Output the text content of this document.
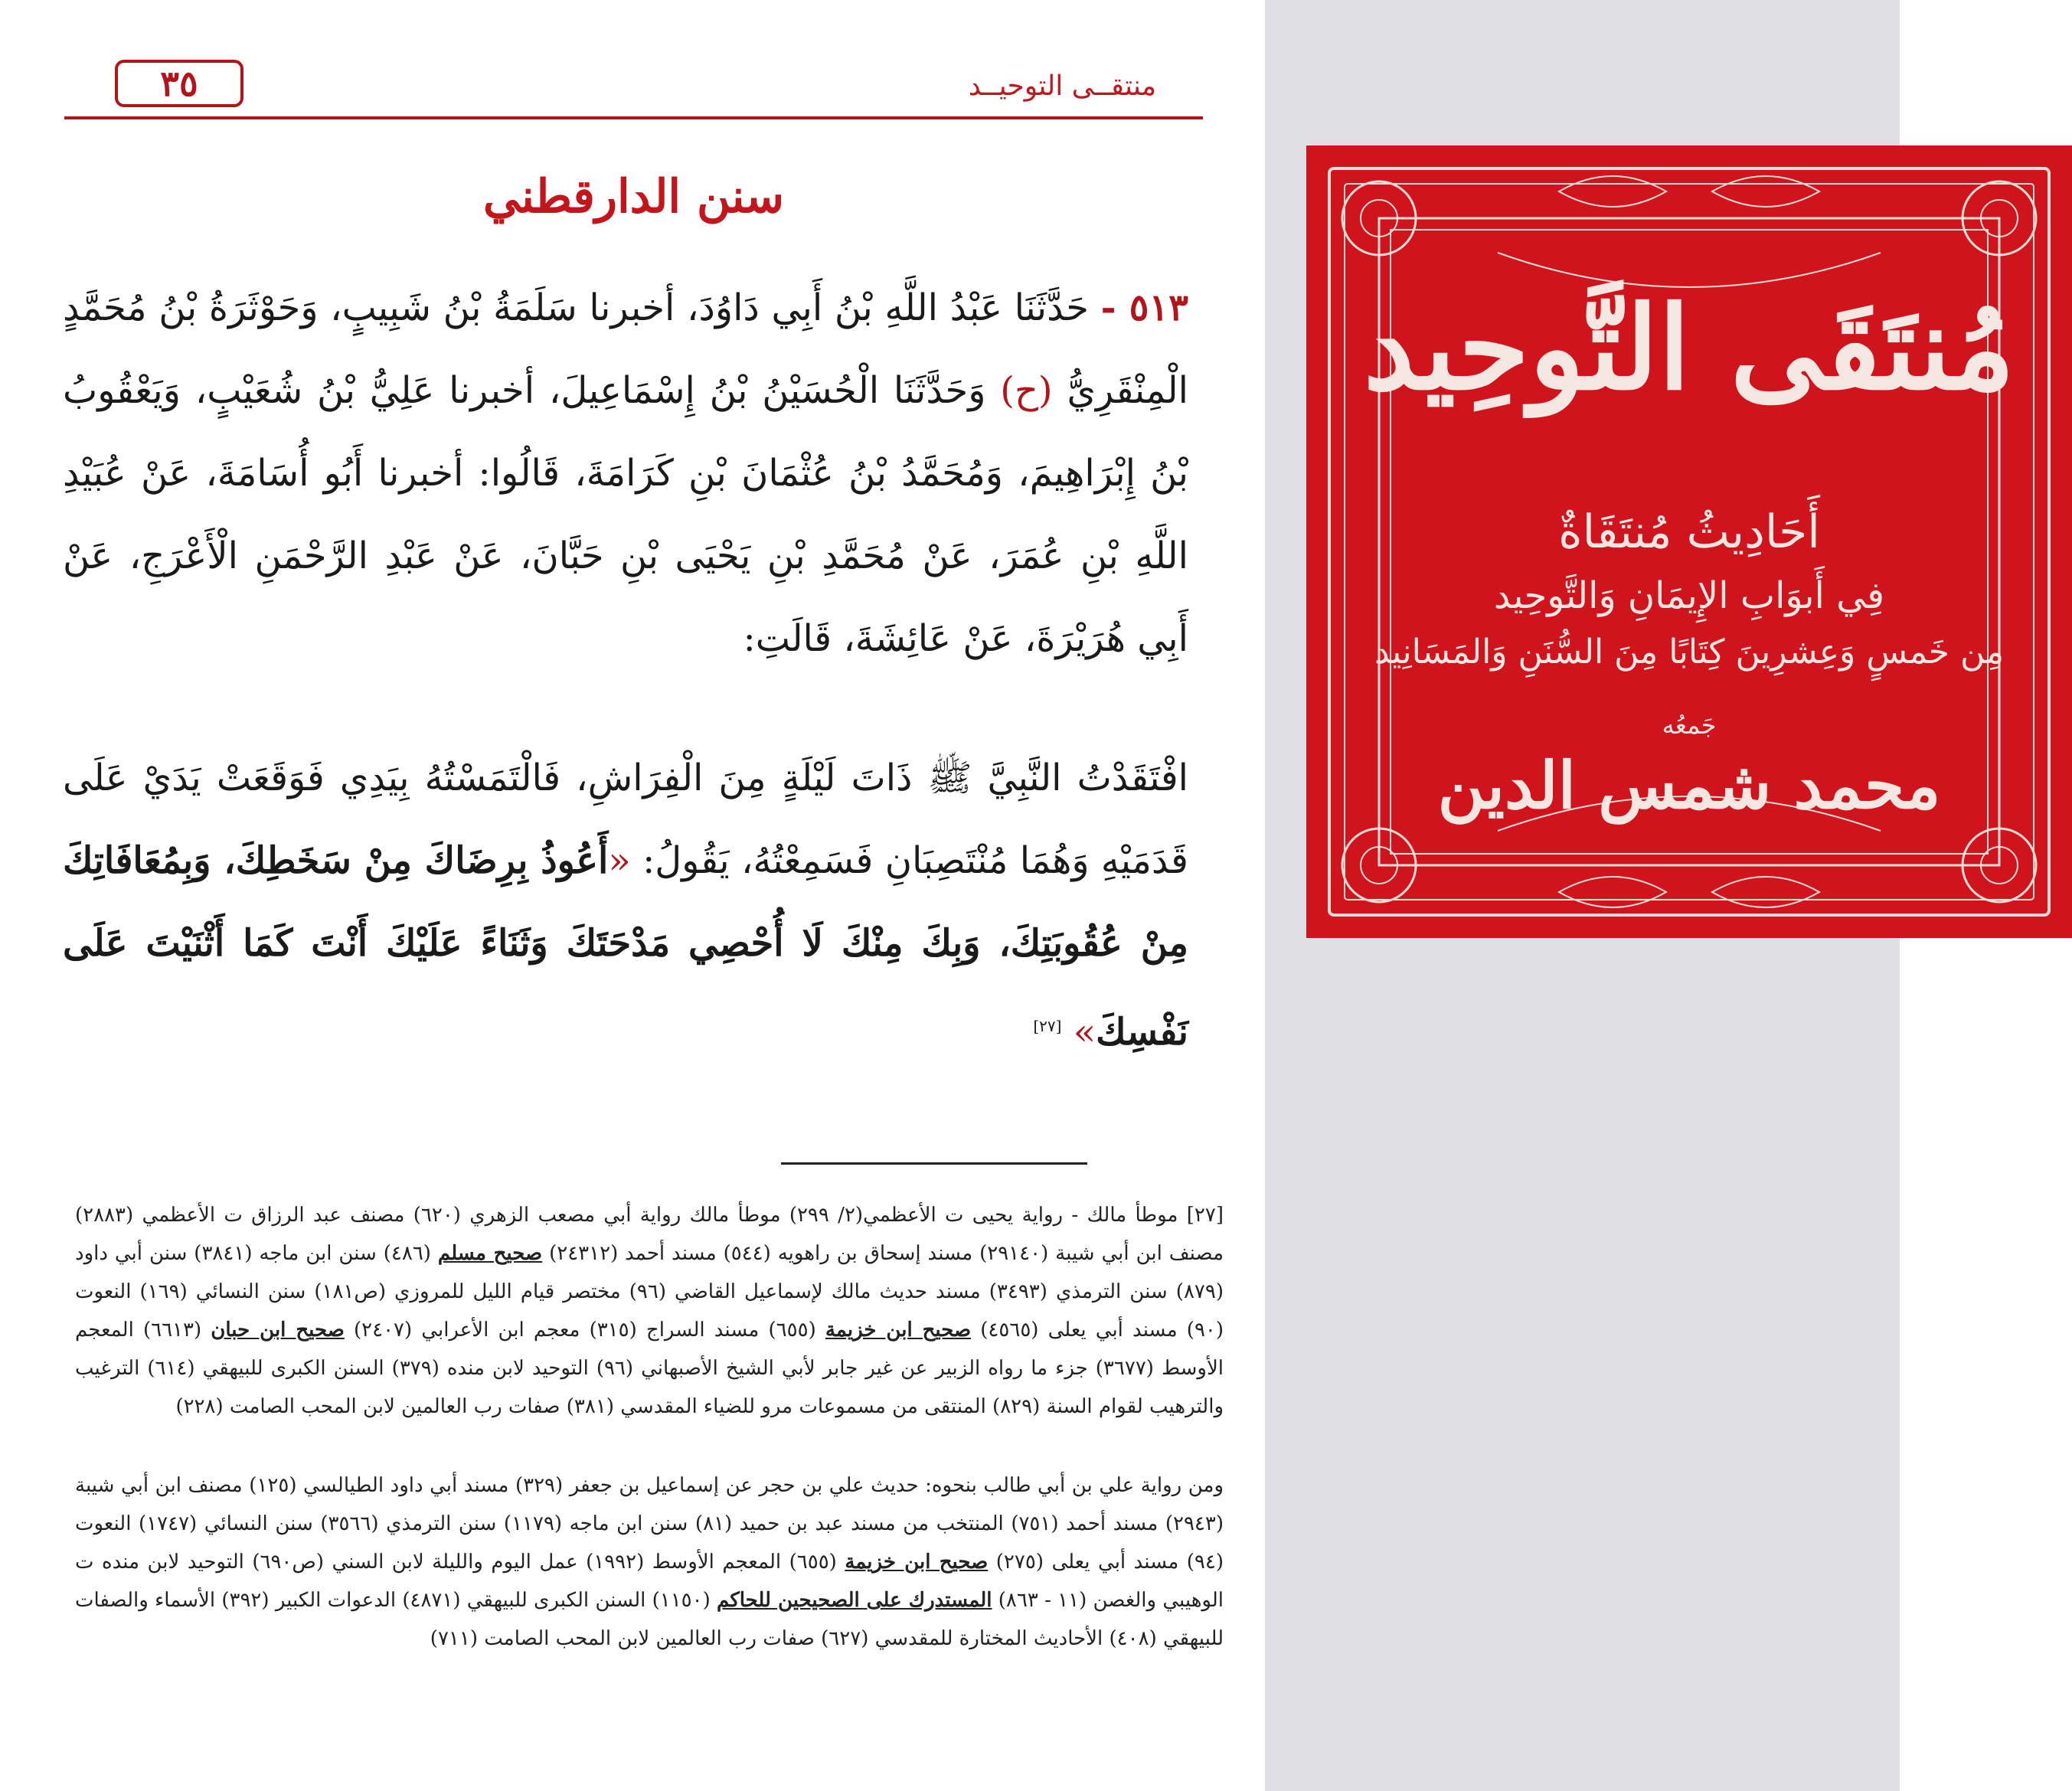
٣٥	منتقــى التوحيــد
سنن الدارقطني
٥١٣ - حَدَّثَنَا عَبْدُ اللَّهِ بْنُ أَبِي دَاوُدَ، أخبرنا سَلَمَةُ بْنُ شَبِيبٍ، وَحَوْثَرَةُ بْنُ مُحَمَّدٍ الْمِنْقَرِيُّ (ح) وَحَدَّثَنَا الْحُسَيْنُ بْنُ إِسْمَاعِيلَ، أخبرنا عَلِيُّ بْنُ شُعَيْبٍ، وَيَعْقُوبُ بْنُ إِبْرَاهِيمَ، وَمُحَمَّدُ بْنُ عُثْمَانَ بْنِ كَرَامَةَ، قَالُوا: أخبرنا أَبُو أُسَامَةَ، عَنْ عُبَيْدِ اللَّهِ بْنِ عُمَرَ، عَنْ مُحَمَّدِ بْنِ يَحْيَى بْنِ حَبَّانَ، عَنْ عَبْدِ الرَّحْمَنِ الْأَعْرَجِ، عَنْ أَبِي هُرَيْرَةَ، عَنْ عَائِشَةَ، قَالَتِ:
افْتَقَدْتُ النَّبِيَّ ﷺ ذَاتَ لَيْلَةٍ مِنَ الْفِرَاشِ، فَالْتَمَسْتُهُ بِيَدِي فَوَقَعَتْ يَدَيْ عَلَى قَدَمَيْهِ وَهُمَا مُنْتَصِبَانِ فَسَمِعْتُهُ، يَقُولُ: «أَعُوذُ بِرِضَاكَ مِنْ سَخَطِكَ، وَبِمُعَافَاتِكَ مِنْ عُقُوبَتِكَ، وَبِكَ مِنْكَ لَا أُحْصِي مَدْحَتَكَ وَثَنَاءً عَلَيْكَ أَنْتَ كَمَا أَثْنَيْتَ عَلَى نَفْسِكَ» [٢٧]
[٢٧] موطأ مالك - رواية يحيى ت الأعظمي(٢/ ٢٩٩) موطأ مالك رواية أبي مصعب الزهري (٦٢٠) مصنف عبد الرزاق ت الأعظمي (٢٨٨٣) مصنف ابن أبي شيبة (٢٩١٤٠) مسند إسحاق بن راهويه (٥٤٤) مسند أحمد (٢٤٣١٢) صحيح مسلم (٤٨٦) سنن ابن ماجه (٣٨٤١) سنن أبي داود (٨٧٩) سنن الترمذي (٣٤٩٣) مسند حديث مالك لإسماعيل القاضي (٩٦) مختصر قيام الليل للمروزي (ص١٨١) سنن النسائي (١٦٩) النعوت (٩٠) مسند أبي يعلى (٤٥٦٥) صحيح ابن خزيمة (٦٥٥) مسند السراج (٣١٥) معجم ابن الأعرابي (٢٤٠٧) صحيح ابن حبان (٦٦١٣) المعجم الأوسط (٣٦٧٧) جزء ما رواه الزبير عن غير جابر لأبي الشيخ الأصبهاني (٩٦) التوحيد لابن منده (٣٧٩) السنن الكبرى للبيهقي (٦١٤) الترغيب والترهيب لقوام السنة (٨٢٩) المنتقى من مسموعات مرو للضياء المقدسي (٣٨١) صفات رب العالمين لابن المحب الصامت (٢٢٨)
ومن رواية علي بن أبي طالب بنحوه: حديث علي بن حجر عن إسماعيل بن جعفر (٣٢٩) مسند أبي داود الطيالسي (١٢٥) مصنف ابن أبي شيبة (٢٩٤٣) مسند أحمد (٧٥١) المنتخب من مسند عبد بن حميد (٨١) سنن ابن ماجه (١١٧٩) سنن الترمذي (٣٥٦٦) سنن النسائي (١٧٤٧) النعوت (٩٤) مسند أبي يعلى (٢٧٥) صحيح ابن خزيمة (٦٥٥) المعجم الأوسط (١٩٩٢) عمل اليوم والليلة لابن السني (ص٦٩٠) التوحيد لابن منده ت الوهيبي والغصن (١١ - ٨٦٣) المستدرك على الصحيحين للحاكم (١١٥٠) السنن الكبرى للبيهقي (٤٨٧١) الدعوات الكبير (٣٩٢) الأسماء والصفات للبيهقي (٤٠٨) الأحاديث المختارة للمقدسي (٦٢٧) صفات رب العالمين لابن المحب الصامت (٧١١)
مُنتَقَى التَّوحِيد
أَحَادِيثُ مُنتَقَاةٌ
فِي أَبوَابِ الإِيمَانِ وَالتَّوحِيد
مِن خَمسٍ وَعِشرِينَ كِتَابًا مِنَ السُّنَنِ وَالمَسَانِيد
جَمعُه
محمد شمس الدين
